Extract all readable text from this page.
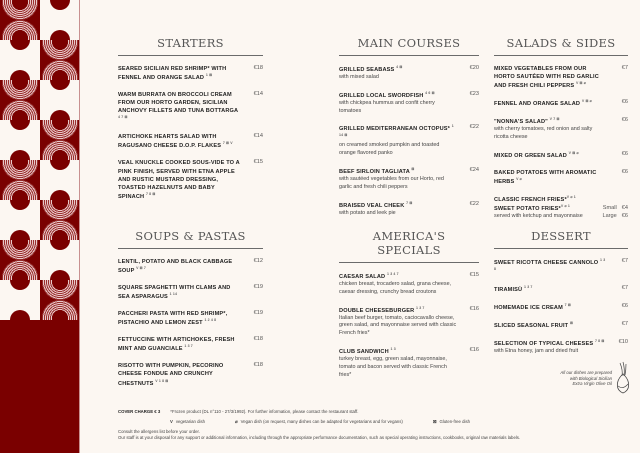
STARTERS
SEARED SICILIAN RED SHRIMP* WITH FENNEL AND ORANGE SALAD $^{1 ⊠}$
€18
WARM BURRATA ON BROCCOLI CREAM FROM OUR HORTO GARDEN, SICILIAN ANCHOVY FILLETS AND TUNA BOTTARGA $^{4 7 ⊠}$
€14
ARTICHOKE HEARTS SALAD WITH RAGUSANO CHEESE D.O.P. FLAKES $^{7 ⊠ V}$
€14
VEAL KNUCKLE COOKED SOUS-VIDE TO A PINK FINISH, SERVED WITH ETNA APPLE AND RUSTIC MUSTARD DRESSING, TOASTED HAZELNUTS AND BABY SPINACH $^{7 8 ⊠}$
€15
MAIN COURSES
GRILLED SEABASS $^{4 ⊠}$
with mixed salad
€20
GRILLED LOCAL SWORDFISH $^{4 6 ⊠}$
with chickpea hummus and confit cherry tomatoes
€23
GRILLED MEDITERRANEAN OCTOPUS* $^{1 14 ⊠}$
on creamed smoked pumpkin and toasted orange flavored panko
€22
BEEF SIRLOIN TAGLIATA ⊠
with sautéed vegetables from our Horto, red garlic and fresh chili peppers
€24
BRAISED VEAL CHEEK $^{7 ⊠}$
with potato and leek pie
€22
SALADS & SIDES
MIXED VEGETABLES FROM OUR HORTO SAUTÉED WITH RED GARLIC AND FRESH CHILI PEPPERS $^{V ⊠ ⌀}$
€7
FENNEL AND ORANGE SALAD $^{V ⊠ ⌀}$	€6
"NONNA'S SALAD" $^{V 7 ⊠}$
with cherry tomatoes, red onion and salty ricotta cheese
€6
MIXED OR GREEN SALAD $^{V ⊠ ⌀}$	€6
BAKED POTATOES WITH AROMATIC HERBS $^{V ⌀}$
€6
CLASSIC FRENCH FRIES*$^{V ⌀ 1}$
SWEET POTATO FRIES*$^{V ⌀ 1}$
served with ketchup and mayonnaise
Small €4
Large €6
SOUPS & PASTAS
LENTIL, POTATO AND BLACK CABBAGE SOUP $^{V ⊠ 7}$
€12
SQUARE SPAGHETTI WITH CLAMS AND SEA ASPARAGUS $^{1 14}$
€19
PACCHERI PASTA WITH RED SHRIMP*, PISTACHIO AND LEMON ZEST $^{1 2 4 8}$
€19
FETTUCCINE WITH ARTICHOKES, FRESH MINT AND GUANCIALE $^{1 3 7}$
€18
RISOTTO WITH PUMPKIN, PECORINO CHEESE FONDUE AND CRUNCHY CHESTNUTS $^{V 1 8 ⊠}$
€18
AMERICA'S SPECIALS
CAESAR SALAD $^{1 3 4 7}$
chicken breast, trocadero salad, grana cheese, caesar dressing, crunchy bread croutons
€15
DOUBLE CHEESEBURGER $^{1 3 7}$
Italian beef burger, tomato, caciocavallo cheese, green salad, and mayonnaise served with classic French fries*
€16
CLUB SANDWICH $^{1 3}$
turkey breast, egg, green salad, mayonnaise, tomato and bacon served with classic French fries*
€16
DESSERT
SWEET RICOTTA CHEESE CANNOLO $^{1 3 8}$
€7
TIRAMISÙ $^{1 3 7}$	€7
HOMEMADE ICE CREAM $^{7 ⊠}$	€6
SLICED SEASONAL FRUIT ⊠	€7
SELECTION OF TYPICAL CHEESES $^{7 8 ⊠}$
with Etna honey, jam and dried fruit
€10
All our dishes are prepared
with Biological Sicilian
Extra Virgin Olive Oil
COVER CHARGE € 3 *Frozen product (DL n°110 - 27/3/1992). For further information, please contact the restaurant staff.
V vegetarian dish	⌀ Vegan dish (on request, many dishes can be adapted for vegetarians and for vegans)	⊠ Gluten-free dish
Consult the allergens list before your order.
Our staff is at your disposal for any support or additional information, including through the appropriate performance documentation, such as special operating instructions, cookbooks, original raw materials labels.
